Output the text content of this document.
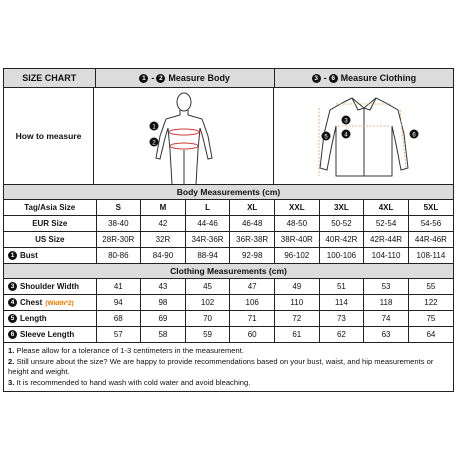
SIZE CHART	1 - 2 Measure Body	3 - 6 Measure Clothing
How to measure
1
2
5
3
4	6
Body Measurements (cm)
Tag/Asia Size	S	M	L	XL	XXL	3XL	4XL	5XL
EUR Size	38-40	42	44-46	46-48	48-50	50-52	52-54	54-56
US Size	28R-30R	32R	34R-36R	36R-38R	38R-40R	40R-42R	42R-44R	44R-46R
1 Bust	80-86	84-90	88-94	92-98	96-102	100-106	104-110	108-114
Clothing Measurements (cm)
3 Shoulder Width	41	43	45	47	49	51	53	55
4 Chest (Width*2)	94	98	102	106	110	114	118	122
5 Length	68	69	70	71	72	73	74	75
6 Sleeve Length	57	58	59	60	61	62	63	64
1. Please allow for a tolerance of 1-3 centimeters in the measurement.
2. Still unsure about the size? We are happy to provide recommendations based on your bust, waist, and hip measurements or height and weight.
3. It is recommended to hand wash with cold water and avoid bleaching.
